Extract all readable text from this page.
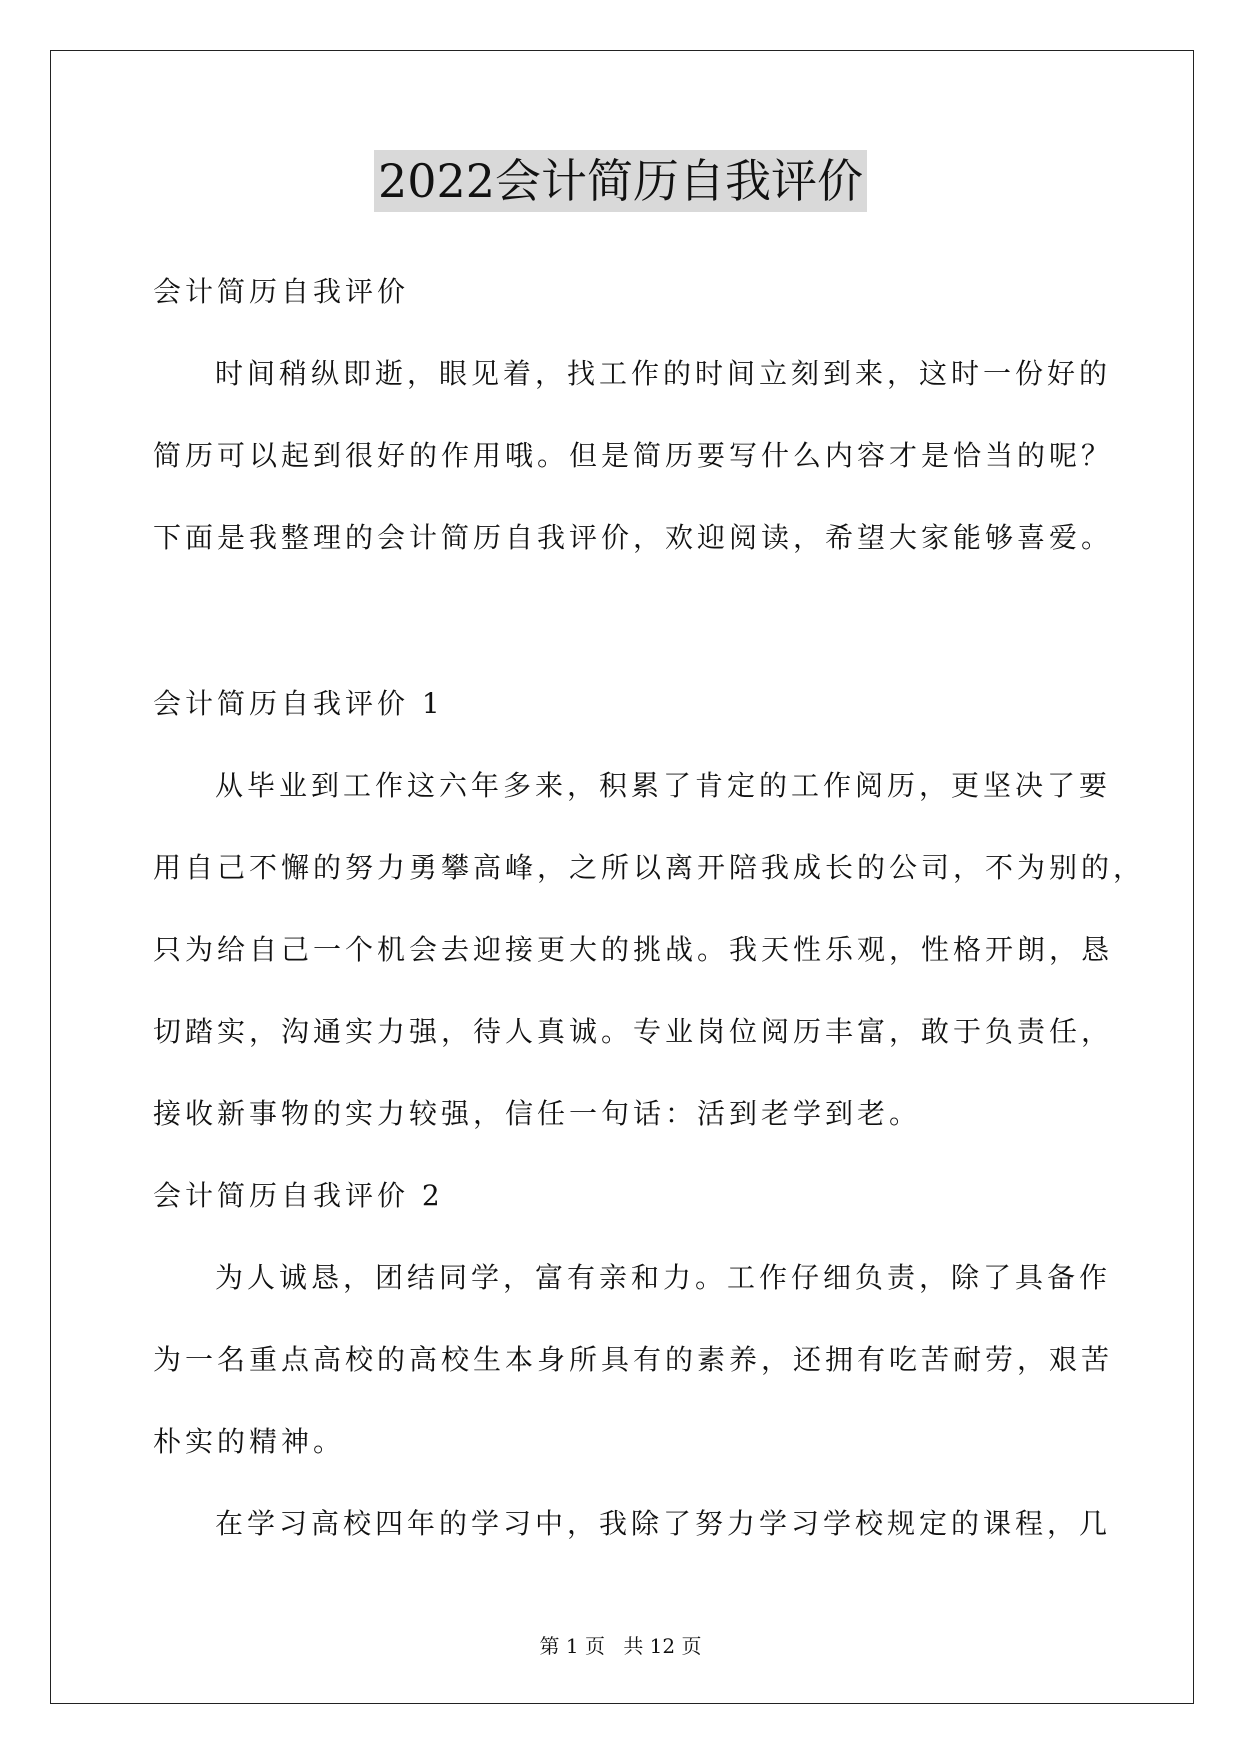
2022会计简历自我评价
会计简历自我评价
时间稍纵即逝，眼见着，找工作的时间立刻到来，这时一份好的
简历可以起到很好的作用哦。但是简历要写什么内容才是恰当的呢？
下面是我整理的会计简历自我评价，欢迎阅读，希望大家能够喜爱。
会计简历自我评价 1
从毕业到工作这六年多来，积累了肯定的工作阅历，更坚决了要
用自己不懈的努力勇攀高峰，之所以离开陪我成长的公司，不为别的，
只为给自己一个机会去迎接更大的挑战。我天性乐观，性格开朗，恳
切踏实，沟通实力强，待人真诚。专业岗位阅历丰富，敢于负责任，
接收新事物的实力较强，信任一句话：活到老学到老。
会计简历自我评价 2
为人诚恳，团结同学，富有亲和力。工作仔细负责，除了具备作
为一名重点高校的高校生本身所具有的素养，还拥有吃苦耐劳，艰苦
朴实的精神。
在学习高校四年的学习中，我除了努力学习学校规定的课程，几
第 1 页 共 12 页
